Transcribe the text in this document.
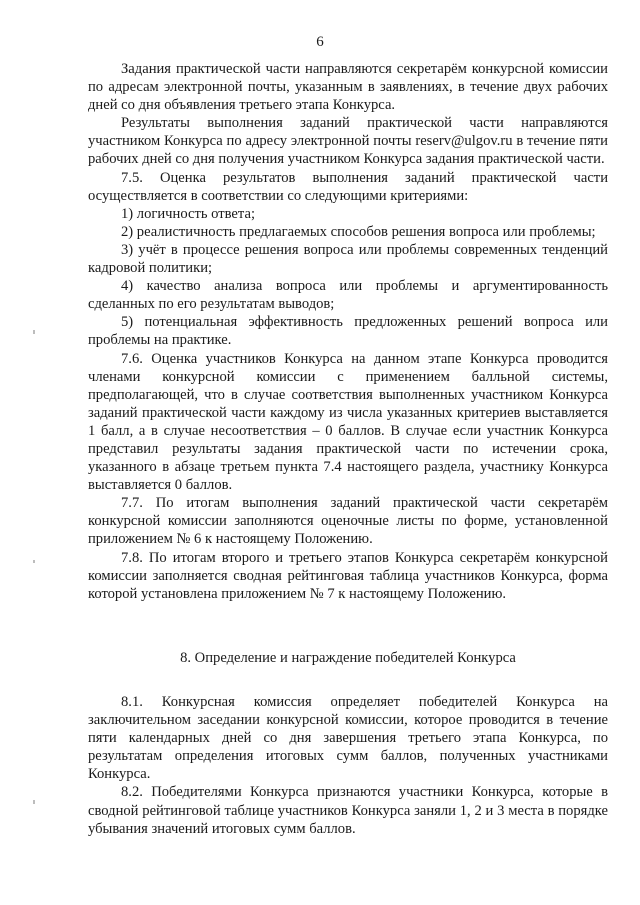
6

Задания практической части направляются секретарём конкурсной комиссии по адресам электронной почты, указанным в заявлениях, в течение двух рабочих дней со дня объявления третьего этапа Конкурса.

Результаты выполнения заданий практической части направляются участником Конкурса по адресу электронной почты reserv@ulgov.ru в течение пяти рабочих дней со дня получения участником Конкурса задания практической части.

7.5. Оценка результатов выполнения заданий практической части осуществляется в соответствии со следующими критериями:

1) логичность ответа;

2) реалистичность предлагаемых способов решения вопроса или проблемы;

3) учёт в процессе решения вопроса или проблемы современных тенденций кадровой политики;

4) качество анализа вопроса или проблемы и аргументированность сделанных по его результатам выводов;

5) потенциальная эффективность предложенных решений вопроса или проблемы на практике.

7.6. Оценка участников Конкурса на данном этапе Конкурса проводится членами конкурсной комиссии с применением балльной системы, предполагающей, что в случае соответствия выполненных участником Конкурса заданий практической части каждому из числа указанных критериев выставляется 1 балл, а в случае несоответствия – 0 баллов. В случае если участник Конкурса представил результаты задания практической части по истечении срока, указанного в абзаце третьем пункта 7.4 настоящего раздела, участнику Конкурса выставляется 0 баллов.

7.7. По итогам выполнения заданий практической части секретарём конкурсной комиссии заполняются оценочные листы по форме, установленной приложением № 6 к настоящему Положению.

7.8. По итогам второго и третьего этапов Конкурса секретарём конкурсной комиссии заполняется сводная рейтинговая таблица участников Конкурса, форма которой установлена приложением № 7 к настоящему Положению.

8. Определение и награждение победителей Конкурса

8.1. Конкурсная комиссия определяет победителей Конкурса на заключительном заседании конкурсной комиссии, которое проводится в течение пяти календарных дней со дня завершения третьего этапа Конкурса, по результатам определения итоговых сумм баллов, полученных участниками Конкурса.

8.2. Победителями Конкурса признаются участники Конкурса, которые в сводной рейтинговой таблице участников Конкурса заняли 1, 2 и 3 места в порядке убывания значений итоговых сумм баллов.
